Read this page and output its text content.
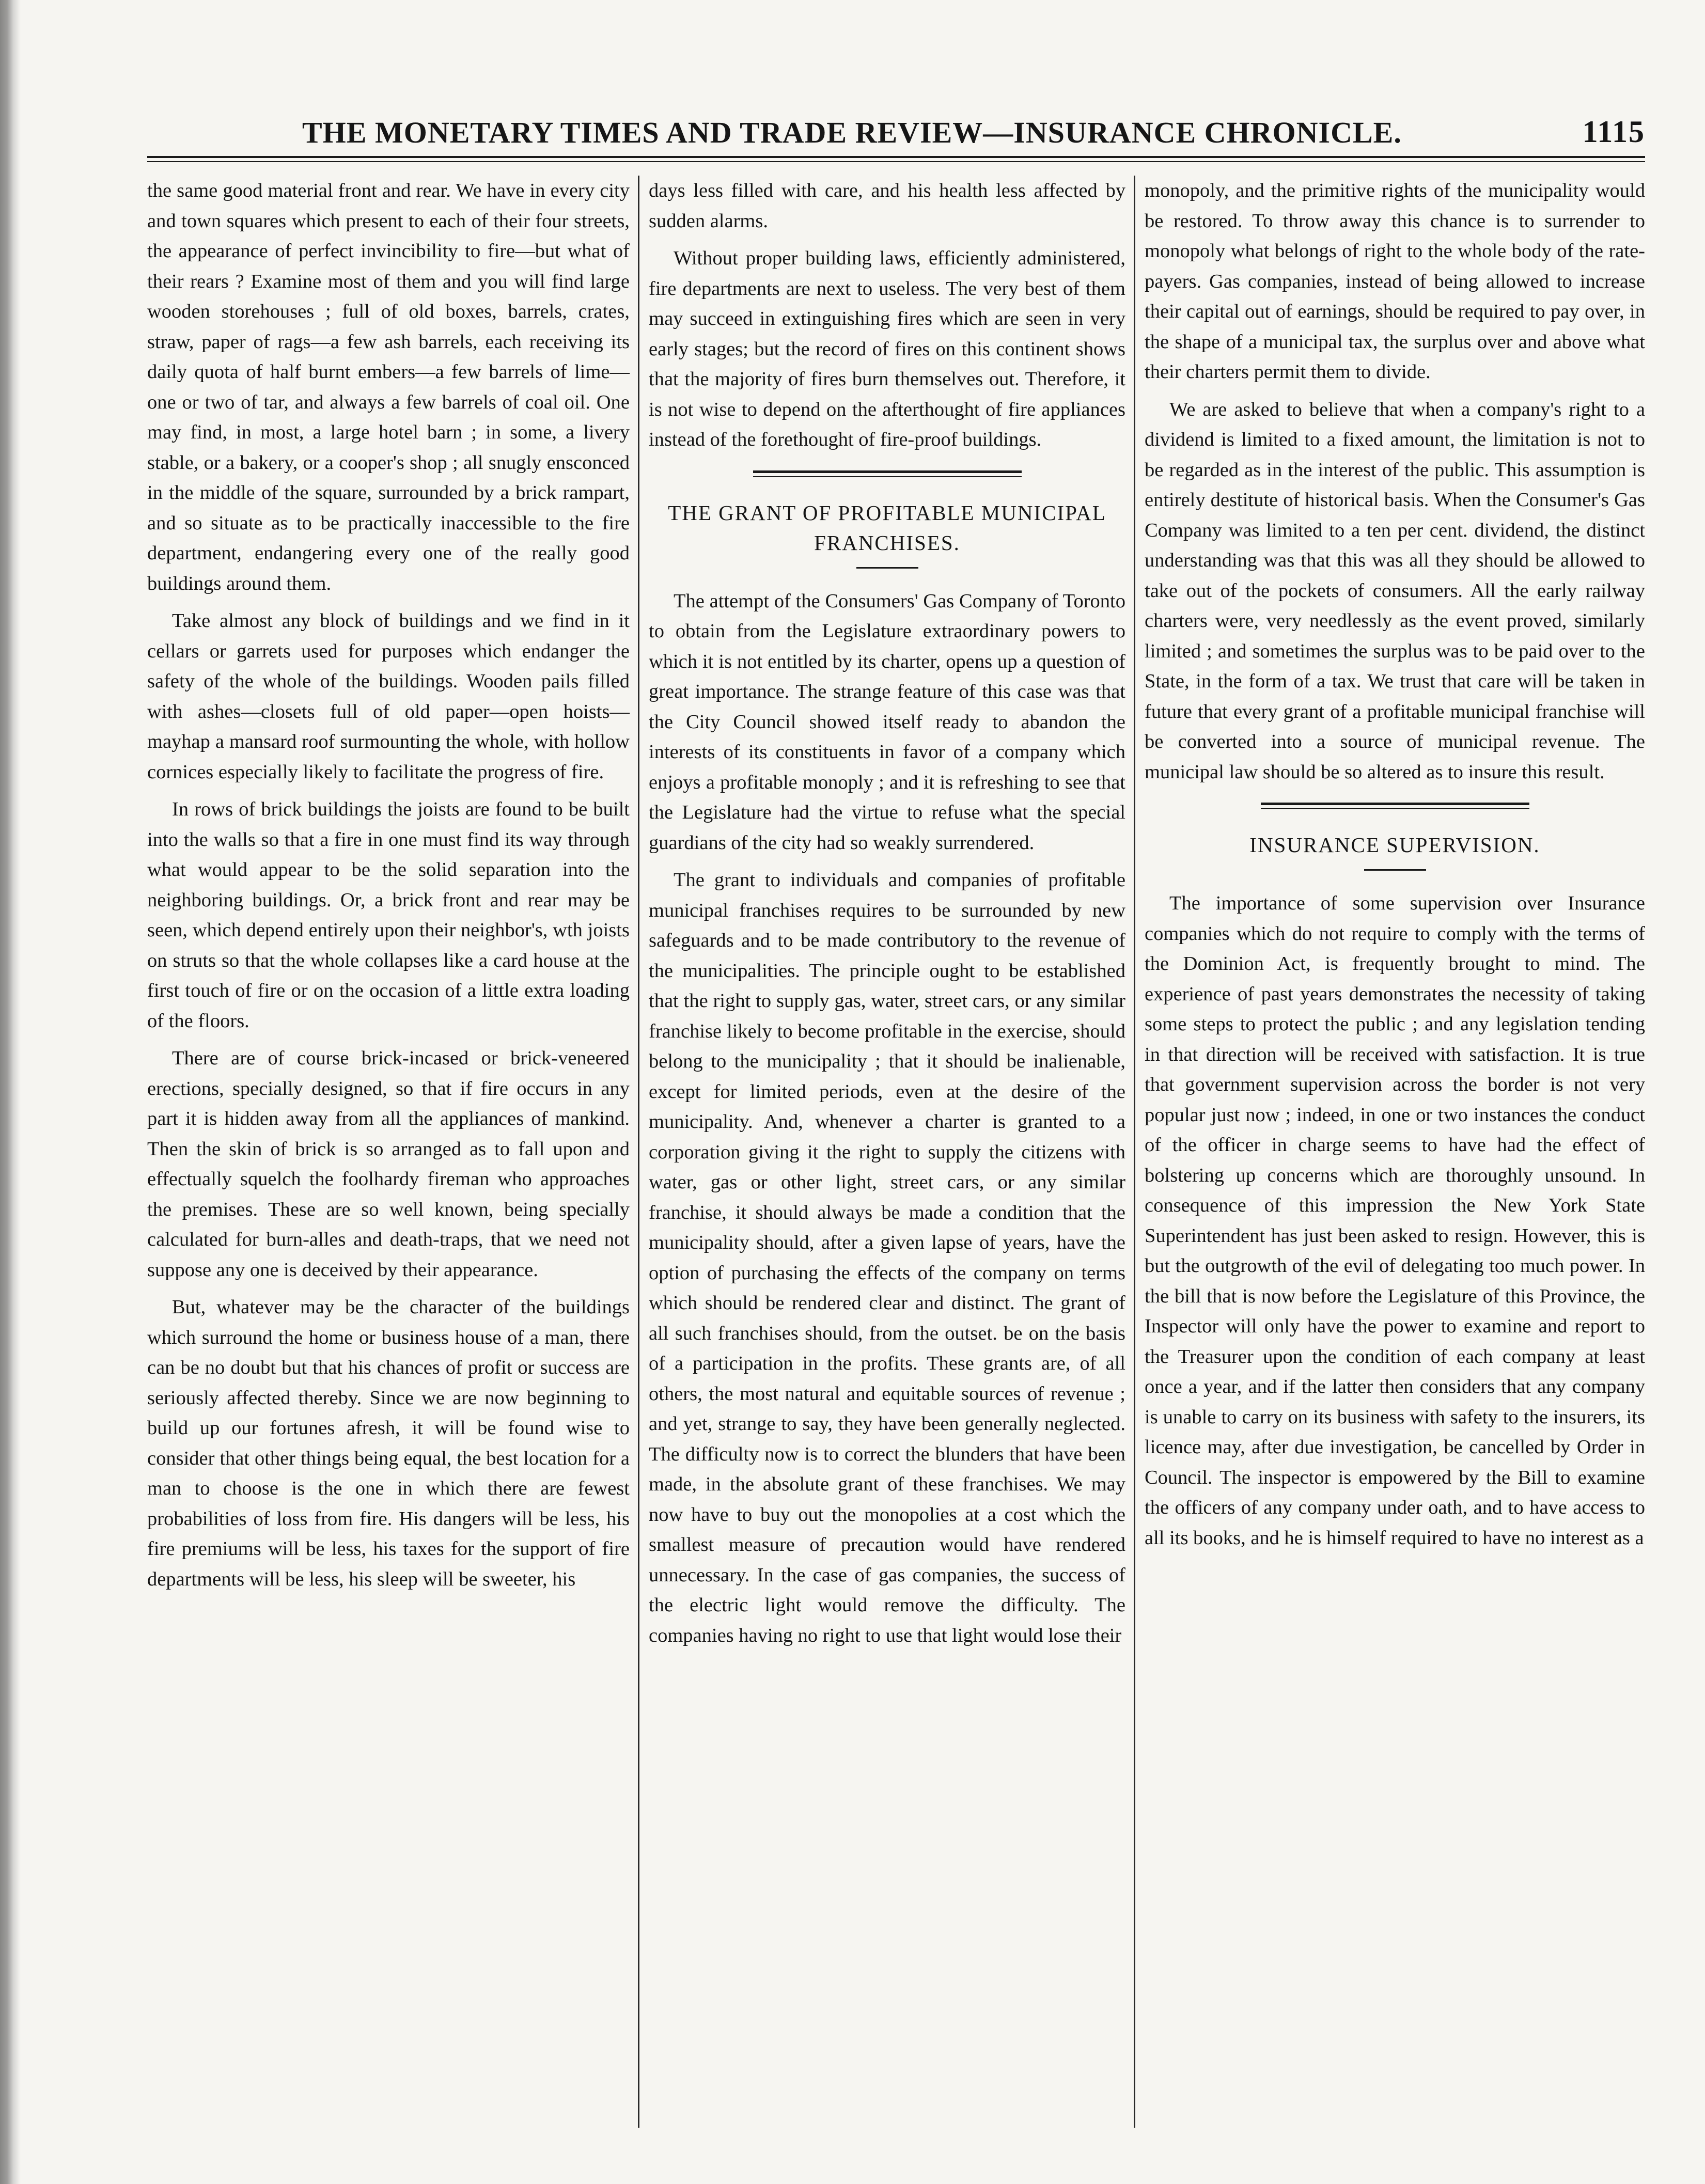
THE MONETARY TIMES AND TRADE REVIEW—INSURANCE CHRONICLE.	1115

the same good material front and rear. We have in every city and town squares which present to each of their four streets, the appearance of perfect invincibility to fire—but what of their rears ? Examine most of them and you will find large wooden storehouses ; full of old boxes, barrels, crates, straw, paper of rags—a few ash barrels, each receiving its daily quota of half burnt embers—a few barrels of lime—one or two of tar, and always a few barrels of coal oil. One may find, in most, a large hotel barn ; in some, a livery stable, or a bakery, or a cooper's shop ; all snugly ensconced in the middle of the square, surrounded by a brick rampart, and so situate as to be practically inaccessible to the fire department, endangering every one of the really good buildings around them.

Take almost any block of buildings and we find in it cellars or garrets used for purposes which endanger the safety of the whole of the buildings. Wooden pails filled with ashes—closets full of old paper—open hoists—mayhap a mansard roof surmounting the whole, with hollow cornices especially likely to facilitate the progress of fire.

In rows of brick buildings the joists are found to be built into the walls so that a fire in one must find its way through what would appear to be the solid separation into the neighboring buildings. Or, a brick front and rear may be seen, which depend entirely upon their neighbor's, wth joists on struts so that the whole collapses like a card house at the first touch of fire or on the occasion of a little extra loading of the floors.

There are of course brick-incased or brick-veneered erections, specially designed, so that if fire occurs in any part it is hidden away from all the appliances of mankind. Then the skin of brick is so arranged as to fall upon and effectually squelch the foolhardy fireman who approaches the premises. These are so well known, being specially calculated for burn-alles and death-traps, that we need not suppose any one is deceived by their appearance.

But, whatever may be the character of the buildings which surround the home or business house of a man, there can be no doubt but that his chances of profit or success are seriously affected thereby. Since we are now beginning to build up our fortunes afresh, it will be found wise to consider that other things being equal, the best location for a man to choose is the one in which there are fewest probabilities of loss from fire. His dangers will be less, his fire premiums will be less, his taxes for the support of fire departments will be less, his sleep will be sweeter, his

days less filled with care, and his health less affected by sudden alarms.

Without proper building laws, efficiently administered, fire departments are next to useless. The very best of them may succeed in extinguishing fires which are seen in very early stages; but the record of fires on this continent shows that the majority of fires burn themselves out. Therefore, it is not wise to depend on the afterthought of fire appliances instead of the forethought of fire-proof buildings.

THE GRANT OF PROFITABLE MUNICIPAL FRANCHISES.

The attempt of the Consumers' Gas Company of Toronto to obtain from the Legislature extraordinary powers to which it is not entitled by its charter, opens up a question of great importance. The strange feature of this case was that the City Council showed itself ready to abandon the interests of its constituents in favor of a company which enjoys a profitable monoply ; and it is refreshing to see that the Legislature had the virtue to refuse what the special guardians of the city had so weakly surrendered.

The grant to individuals and companies of profitable municipal franchises requires to be surrounded by new safeguards and to be made contributory to the revenue of the municipalities. The principle ought to be established that the right to supply gas, water, street cars, or any similar franchise likely to become profitable in the exercise, should belong to the municipality ; that it should be inalienable, except for limited periods, even at the desire of the municipality. And, whenever a charter is granted to a corporation giving it the right to supply the citizens with water, gas or other light, street cars, or any similar franchise, it should always be made a condition that the municipality should, after a given lapse of years, have the option of purchasing the effects of the company on terms which should be rendered clear and distinct. The grant of all such franchises should, from the outset. be on the basis of a participation in the profits. These grants are, of all others, the most natural and equitable sources of revenue ; and yet, strange to say, they have been generally neglected. The difficulty now is to correct the blunders that have been made, in the absolute grant of these franchises. We may now have to buy out the monopolies at a cost which the smallest measure of precaution would have rendered unnecessary. In the case of gas companies, the success of the electric light would remove the difficulty. The companies having no right to use that light would lose their

monopoly, and the primitive rights of the municipality would be restored. To throw away this chance is to surrender to monopoly what belongs of right to the whole body of the rate-payers. Gas companies, instead of being allowed to increase their capital out of earnings, should be required to pay over, in the shape of a municipal tax, the surplus over and above what their charters permit them to divide.

We are asked to believe that when a company's right to a dividend is limited to a fixed amount, the limitation is not to be regarded as in the interest of the public. This assumption is entirely destitute of historical basis. When the Consumer's Gas Company was limited to a ten per cent. dividend, the distinct understanding was that this was all they should be allowed to take out of the pockets of consumers. All the early railway charters were, very needlessly as the event proved, similarly limited ; and sometimes the surplus was to be paid over to the State, in the form of a tax. We trust that care will be taken in future that every grant of a profitable municipal franchise will be converted into a source of municipal revenue. The municipal law should be so altered as to insure this result.

INSURANCE SUPERVISION.

The importance of some supervision over Insurance companies which do not require to comply with the terms of the Dominion Act, is frequently brought to mind. The experience of past years demonstrates the necessity of taking some steps to protect the public ; and any legislation tending in that direction will be received with satisfaction. It is true that government supervision across the border is not very popular just now ; indeed, in one or two instances the conduct of the officer in charge seems to have had the effect of bolstering up concerns which are thoroughly unsound. In consequence of this impression the New York State Superintendent has just been asked to resign. However, this is but the outgrowth of the evil of delegating too much power. In the bill that is now before the Legislature of this Province, the Inspector will only have the power to examine and report to the Treasurer upon the condition of each company at least once a year, and if the latter then considers that any company is unable to carry on its business with safety to the insurers, its licence may, after due investigation, be cancelled by Order in Council. The inspector is empowered by the Bill to examine the officers of any company under oath, and to have access to all its books, and he is himself required to have no interest as a
